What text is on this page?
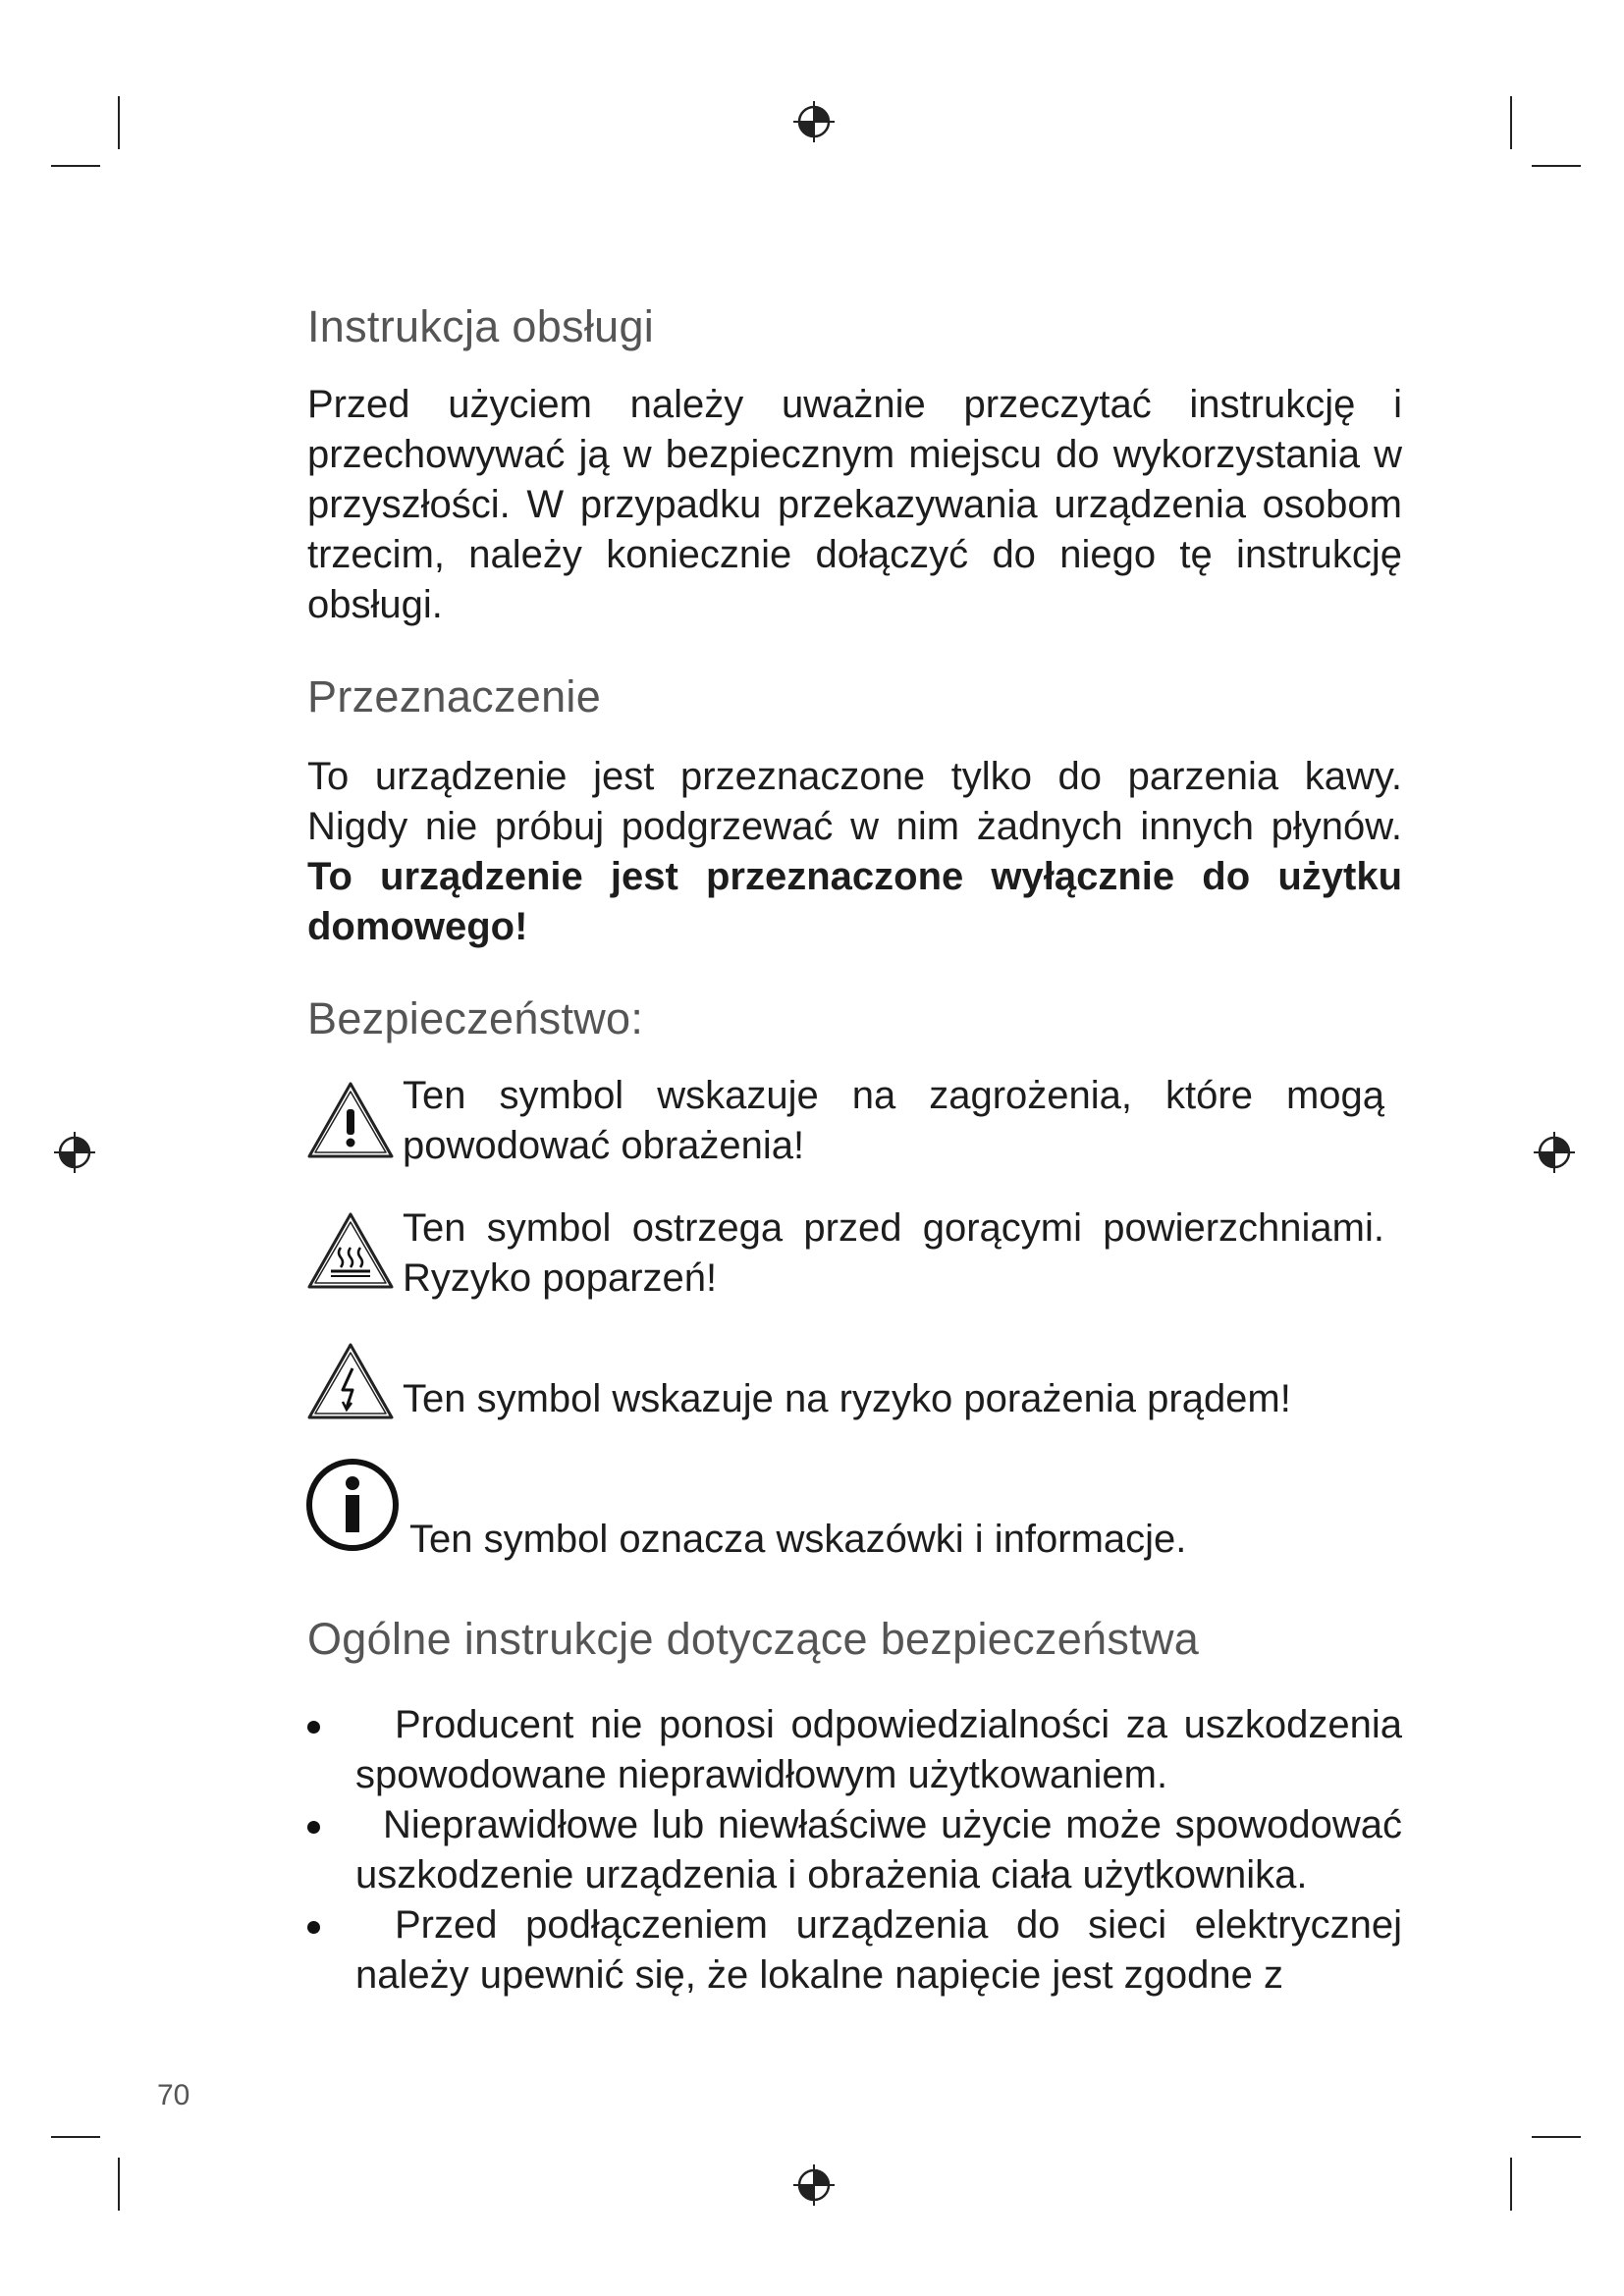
Instrukcja obsługi

Przed użyciem należy uważnie przeczytać instrukcję i przechowywać ją w bezpiecznym miejscu do wykorzystania w przyszłości. W przypadku przekazywania urządzenia osobom trzecim, należy koniecznie dołączyć do niego tę instrukcję obsługi.

Przeznaczenie

To urządzenie jest przeznaczone tylko do parzenia kawy. Nigdy nie próbuj podgrzewać w nim żadnych innych płynów. To urządzenie jest przeznaczone wyłącznie do użytku domowego!

Bezpieczeństwo:
Ten symbol wskazuje na zagrożenia, które mogą powodować obrażenia!
Ten symbol ostrzega przed gorącymi powierzchniami. Ryzyko poparzeń!
Ten symbol wskazuje na ryzyko porażenia prądem!
Ten symbol oznacza wskazówki i informacje.
Ogólne instrukcje dotyczące bezpieczeństwa
Producent nie ponosi odpowiedzialności za uszkodzenia spowodowane nieprawidłowym użytkowaniem.
Nieprawidłowe lub niewłaściwe użycie może spowodować uszkodzenie urządzenia i obrażenia ciała użytkownika.
Przed podłączeniem urządzenia do sieci elektrycznej należy upewnić się, że lokalne napięcie jest zgodne z
70
